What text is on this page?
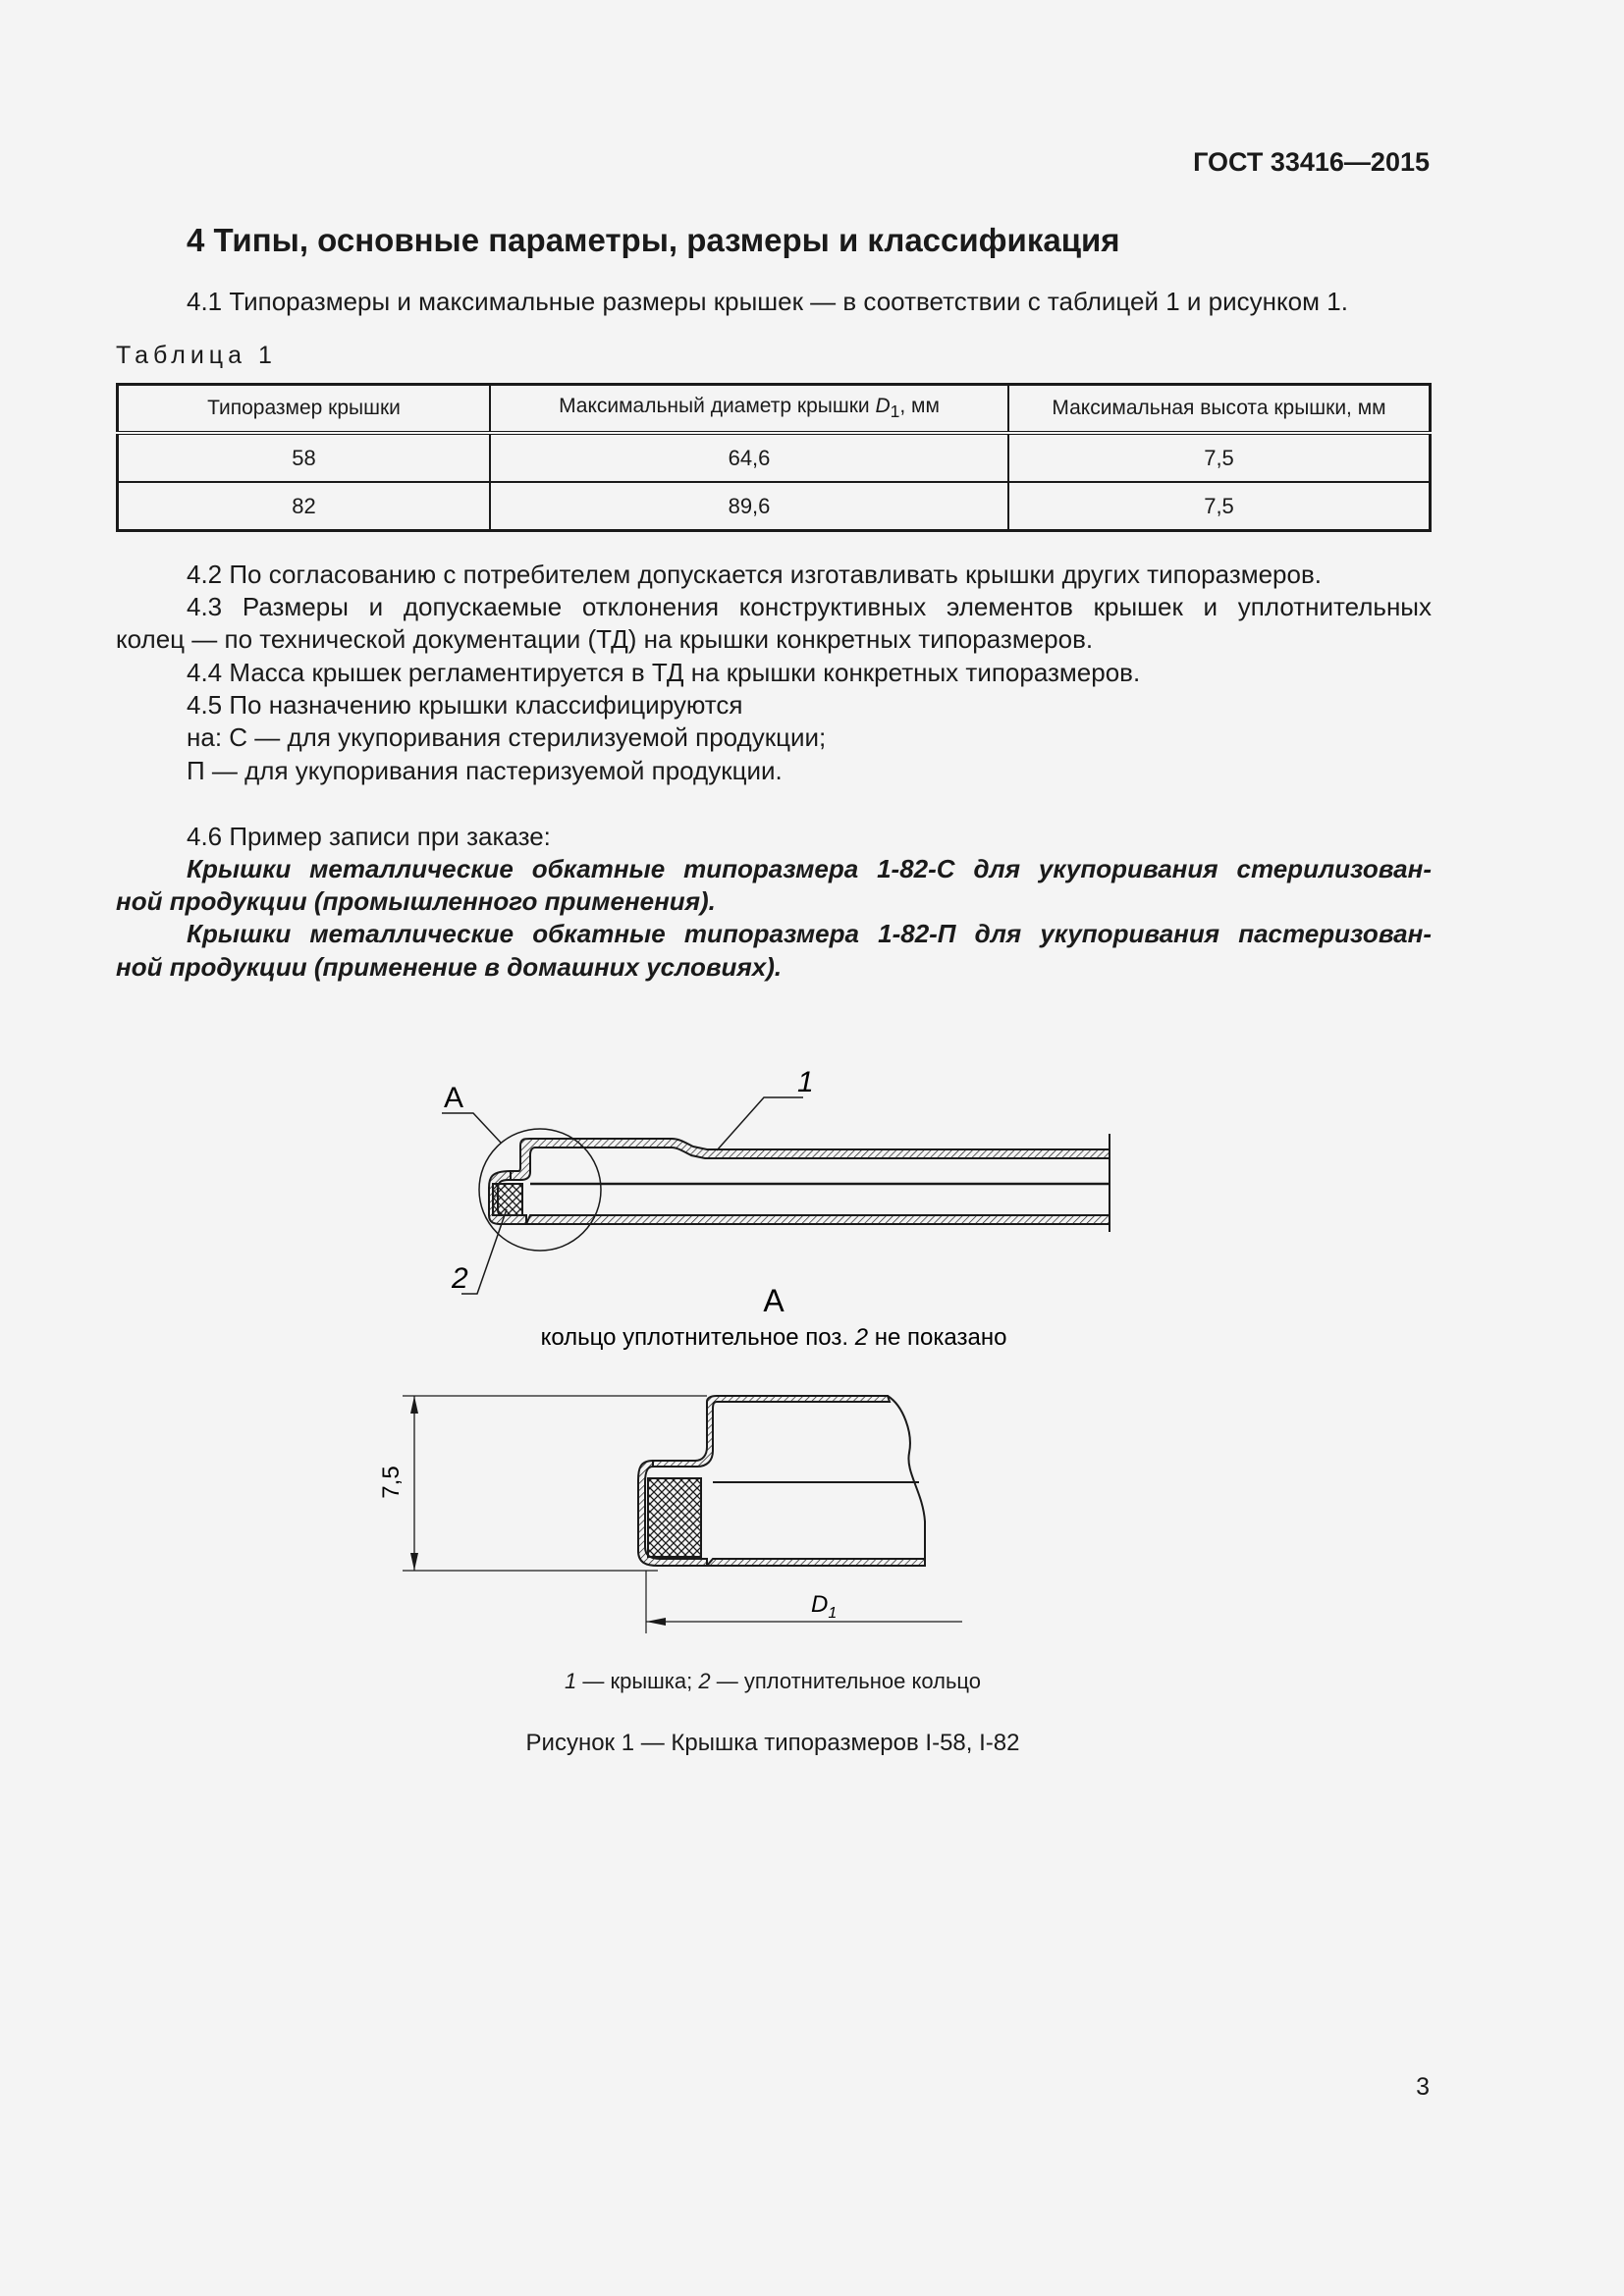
ГОСТ 33416—2015
4 Типы, основные параметры, размеры и классификация
4.1 Типоразмеры и максимальные размеры крышек — в соответствии с таблицей 1 и рисунком 1.
Таблица 1
Типоразмер крышки	Максимальный диаметр крышки $D_1$, мм	Максимальная высота крышки, мм
58	64,6	7,5
82	89,6	7,5
4.2 По согласованию с потребителем допускается изготавливать крышки других типоразмеров.
4.3 Размеры и допускаемые отклонения конструктивных элементов крышек и уплотнительных
колец — по технической документации (ТД) на крышки конкретных типоразмеров.
4.4 Масса крышек регламентируется в ТД на крышки конкретных типоразмеров.
4.5 По назначению крышки классифицируются
на: С — для укупоривания стерилизуемой продукции;
П — для укупоривания пастеризуемой продукции.
4.6 Пример записи при заказе:
Крышки металлические обкатные типоразмера 1-82-С для укупоривания стерилизован-
ной продукции (промышленного применения).
Крышки металлические обкатные типоразмера 1-82-П для укупоривания пастеризован-
ной продукции (применение в домашних условиях).
А	1
2
А
кольцо уплотнительное поз. 2 не показано
7,5
$D_1$
1 — крышка; 2 — уплотнительное кольцо
Рисунок 1 — Крышка типоразмеров I-58, I-82
3
